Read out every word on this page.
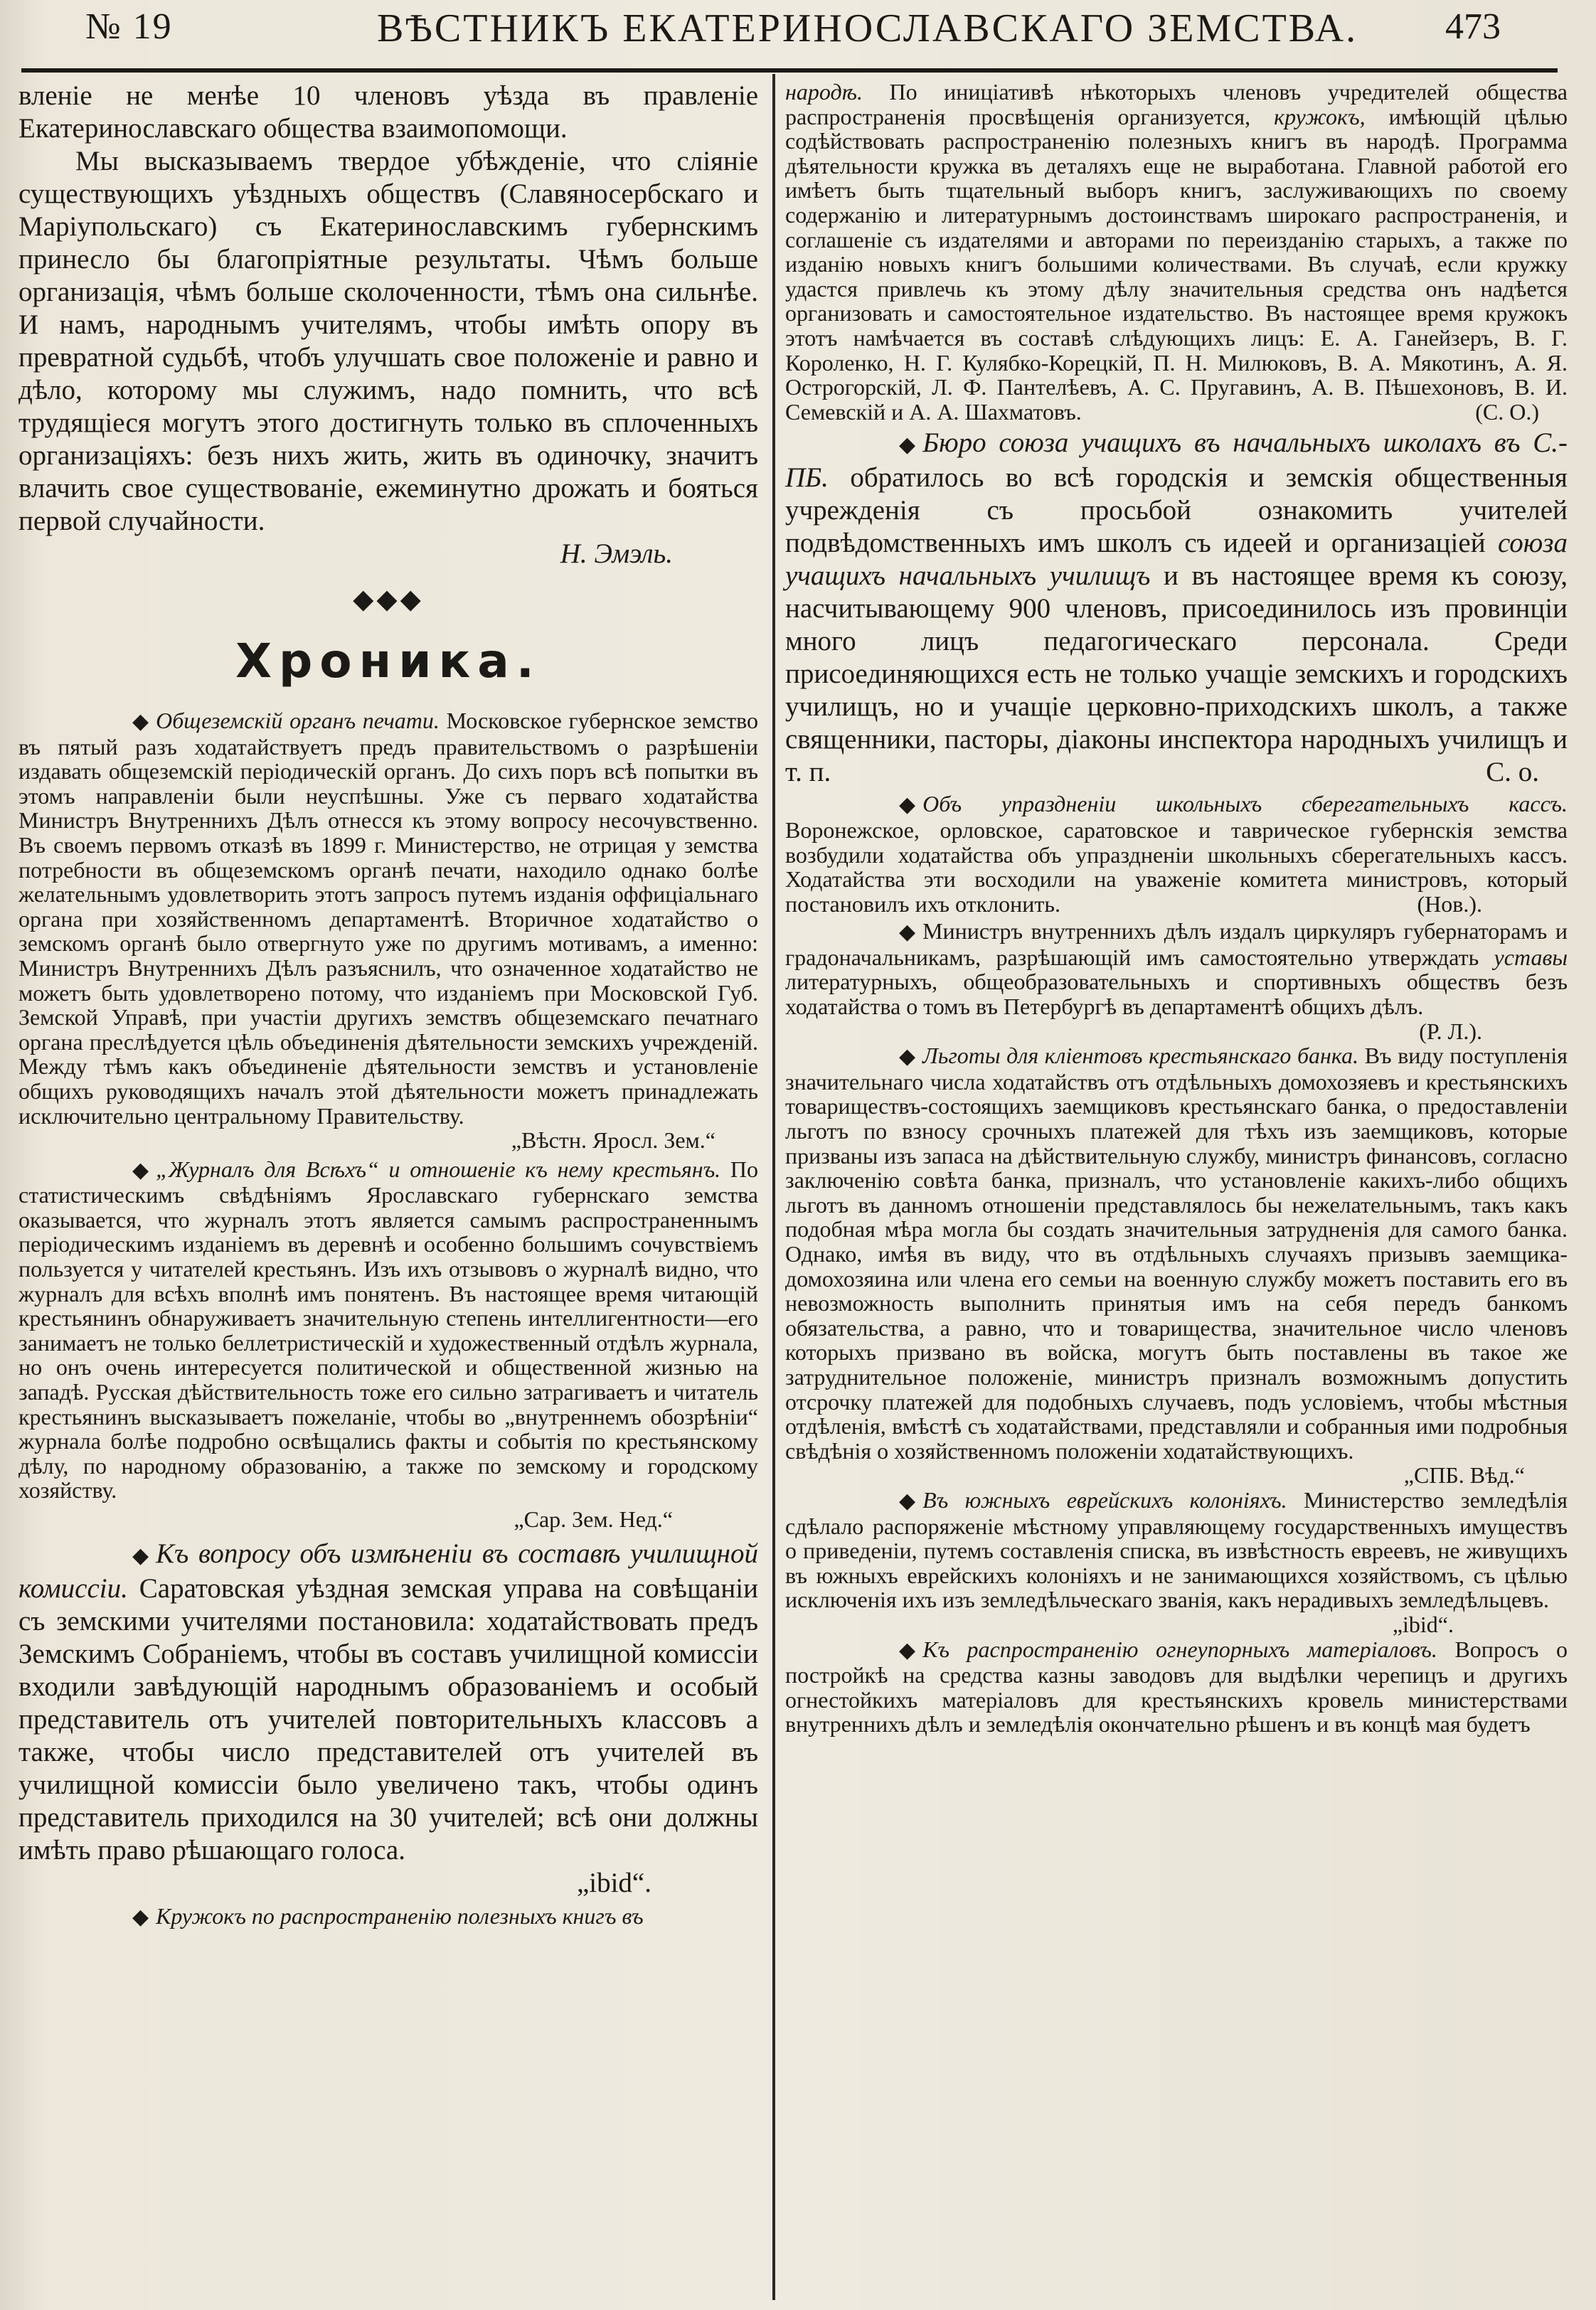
№ 19	ВѢСТНИКЪ ЕКАТЕРИНОСЛАВСКАГО ЗЕМСТВА. 473

вленіе не менѣе 10 членовъ уѣзда въ правленіе Екатеринославскаго общества взаимопомощи.

Мы высказываемъ твердое убѣжденіе, что сліяніе существующихъ уѣздныхъ обществъ (Славяносербскаго и Маріупольскаго) съ Екатеринославскимъ губернскимъ принесло бы благопріятные результаты. Чѣмъ больше организація, чѣмъ больше сколоченности, тѣмъ она сильнѣе. И намъ, народнымъ учителямъ, чтобы имѣть опору въ превратной судьбѣ, чтобъ улучшать свое положеніе и равно и дѣло, которому мы служимъ, надо помнить, что всѣ трудящіеся могутъ этого достигнуть только въ сплоченныхъ организаціяхъ: безъ нихъ жить, жить въ одиночку, значитъ влачить свое существованіе, ежеминутно дрожать и бояться первой случайности.

Н. Эмэль.

◆◆◆
Хроника.

◆ Общеземскій органъ печати. Московское губернское земство въ пятый разъ ходатайствуетъ предъ правительствомъ о разрѣшеніи издавать общеземскій періодическій органъ. До сихъ поръ всѣ попытки въ этомъ направленіи были неуспѣшны. Уже съ перваго ходатайства Министръ Внутреннихъ Дѣлъ отнесся къ этому вопросу несочувственно. Въ своемъ первомъ отказѣ въ 1899 г. Министерство, не отрицая у земства потребности въ общеземскомъ органѣ печати, находило однако болѣе желательнымъ удовлетворить этотъ запросъ путемъ изданія оффиціальнаго органа при хозяйственномъ департаментѣ. Вторичное ходатайство о земскомъ органѣ было отвергнуто уже по другимъ мотивамъ, а именно: Министръ Внутреннихъ Дѣлъ разъяснилъ, что означенное ходатайство не можетъ быть удовлетворено потому, что изданіемъ при Московской Губ. Земской Управѣ, при участіи другихъ земствъ общеземскаго печатнаго органа преслѣдуется цѣль объединенія дѣятельности земскихъ учрежденій. Между тѣмъ какъ объединеніе дѣятельности земствъ и установленіе общихъ руководящихъ началъ этой дѣятельности можетъ принадлежать исключительно центральному Правительству.
„Вѣстн. Яросл. Зем.“

◆ „Журналъ для Всѣхъ“ и отношеніе къ нему крестьянъ. По статистическимъ свѣдѣніямъ Ярославскаго губернскаго земства оказывается, что журналъ этотъ является самымъ распространеннымъ періодическимъ изданіемъ въ деревнѣ и особенно большимъ сочувствіемъ пользуется у читателей крестьянъ. Изъ ихъ отзывовъ о журналѣ видно, что журналъ для всѣхъ вполнѣ имъ понятенъ. Въ настоящее время читающій крестьянинъ обнаруживаетъ значительную степень интеллигентности—его занимаетъ не только беллетристическій и художественный отдѣлъ журнала, но онъ очень интересуется политической и общественной жизнью на западѣ. Русская дѣйствительность тоже его сильно затрагиваетъ и читатель крестьянинъ высказываетъ пожеланіе, чтобы во „внутреннемъ обозрѣніи“ журнала болѣе подробно освѣщались факты и событія по крестьянскому дѣлу, по народному образованію, а также по земскому и городскому хозяйству.
„Сар. Зем. Нед.“

◆ Къ вопросу объ измѣненіи въ составѣ училищной комиссіи. Саратовская уѣздная земская управа на совѣщаніи съ земскими учителями постановила: ходатайствовать предъ Земскимъ Собраніемъ, чтобы въ составъ училищной комиссіи входили завѣдующій народнымъ образованіемъ и особый представитель отъ учителей повторительныхъ классовъ а также, чтобы число представителей отъ учителей въ училищной комиссіи было увеличено такъ, чтобы одинъ представитель приходился на 30 учителей; всѣ они должны имѣть право рѣшающаго голоса.
„ibid“.

◆ Кружокъ по распространенію полезныхъ книгъ въ

народѣ. По иниціативѣ нѣкоторыхъ членовъ учредителей общества распространенія просвѣщенія организуется, кружокъ, имѣющій цѣлью содѣйствовать распространенію полезныхъ книгъ въ народѣ. Программа дѣятельности кружка въ деталяхъ еще не выработана. Главной работой его имѣетъ быть тщательный выборъ книгъ, заслуживающихъ по своему содержанію и литературнымъ достоинствамъ широкаго распространенія, и соглашеніе съ издателями и авторами по переизданію старыхъ, а также по изданію новыхъ книгъ большими количествами. Въ случаѣ, если кружку удастся привлечь къ этому дѣлу значительныя средства онъ надѣется организовать и самостоятельное издательство. Въ настоящее время кружокъ этотъ намѣчается въ составѣ слѣдующихъ лицъ: Е. А. Ганейзеръ, В. Г. Короленко, Н. Г. Кулябко-Корецкій, П. Н. Милюковъ, В. А. Мякотинъ, А. Я. Острогорскій, Л. Ф. Пантелѣевъ, А. С. Пругавинъ, А. В. Пѣшехоновъ, В. И. Семевскій и А. А. Шахматовъ.	(С. О.)

◆ Бюро союза учащихъ въ начальныхъ школахъ въ С.-ПБ. обратилось во всѣ городскія и земскія общественныя учрежденія съ просьбой ознакомить учителей подвѣдомственныхъ имъ школъ съ идеей и организаціей союза учащихъ начальныхъ училищъ и въ настоящее время къ союзу, насчитывающему 900 членовъ, присоединилось изъ провинціи много лицъ педагогическаго персонала. Среди присоединяющихся есть не только учащіе земскихъ и городскихъ училищъ, но и учащіе церковно-приходскихъ школъ, а также священники, пасторы, діаконы инспектора народныхъ училищъ и т. п.	С. о.

◆ Объ упраздненіи школьныхъ сберегательныхъ кассъ. Воронежское, орловское, саратовское и таврическое губернскія земства возбудили ходатайства объ упраздненіи школьныхъ сберегательныхъ кассъ. Ходатайства эти восходили на уваженіе комитета министровъ, который постановилъ ихъ отклонить.	(Нов.).

◆ Министръ внутреннихъ дѣлъ издалъ циркуляръ губернаторамъ и градоначальникамъ, разрѣшающій имъ самостоятельно утверждать уставы литературныхъ, общеобразовательныхъ и спортивныхъ обществъ безъ ходатайства о томъ въ Петербургѣ въ департаментѣ общихъ дѣлъ.
(Р. Л.).

◆ Льготы для клiентовъ крестьянскаго банка. Въ виду поступленія значительнаго числа ходатайствъ отъ отдѣльныхъ домохозяевъ и крестьянскихъ товариществъ-состоящихъ заемщиковъ крестьянскаго банка, о предоставленіи льготъ по взносу срочныхъ платежей для тѣхъ изъ заемщиковъ, которые призваны изъ запаса на дѣйствительную службу, министръ финансовъ, согласно заключенію совѣта банка, призналъ, что установленіе какихъ-либо общихъ льготъ въ данномъ отношеніи представлялось бы нежелательнымъ, такъ какъ подобная мѣра могла бы создать значительныя затрудненія для самого банка. Однако, имѣя въ виду, что въ отдѣльныхъ случаяхъ призывъ заемщика-домохозяина или члена его семьи на военную службу можетъ поставить его въ невозможность выполнить принятыя имъ на себя передъ банкомъ обязательства, а равно, что и товарищества, значительное число членовъ которыхъ призвано въ войска, могутъ быть поставлены въ такое же затруднительное положеніе, министръ призналъ возможнымъ допустить отсрочку платежей для подобныхъ случаевъ, подъ условіемъ, чтобы мѣстныя отдѣленія, вмѣстѣ съ ходатайствами, представляли и собранныя ими подробныя свѣдѣнія о хозяйственномъ положеніи ходатайствующихъ.
„СПБ. Вѣд.“

◆ Въ южныхъ еврейскихъ колоніяхъ. Министерство земледѣлія сдѣлало распоряженіе мѣстному управляющему государственныхъ имуществъ о приведеніи, путемъ составленія списка, въ извѣстность евреевъ, не живущихъ въ южныхъ еврейскихъ колоніяхъ и не занимающихся хозяйствомъ, съ цѣлью исключенія ихъ изъ земледѣльческаго званія, какъ нерадивыхъ земледѣльцевъ.
„ibid“.

◆ Къ распространенію огнеупорныхъ матеріаловъ. Вопросъ о постройкѣ на средства казны заводовъ для выдѣлки черепицъ и другихъ огнестойкихъ матеріаловъ для крестьянскихъ кровель министерствами внутреннихъ дѣлъ и земледѣлія окончательно рѣшенъ и въ концѣ мая будетъ
